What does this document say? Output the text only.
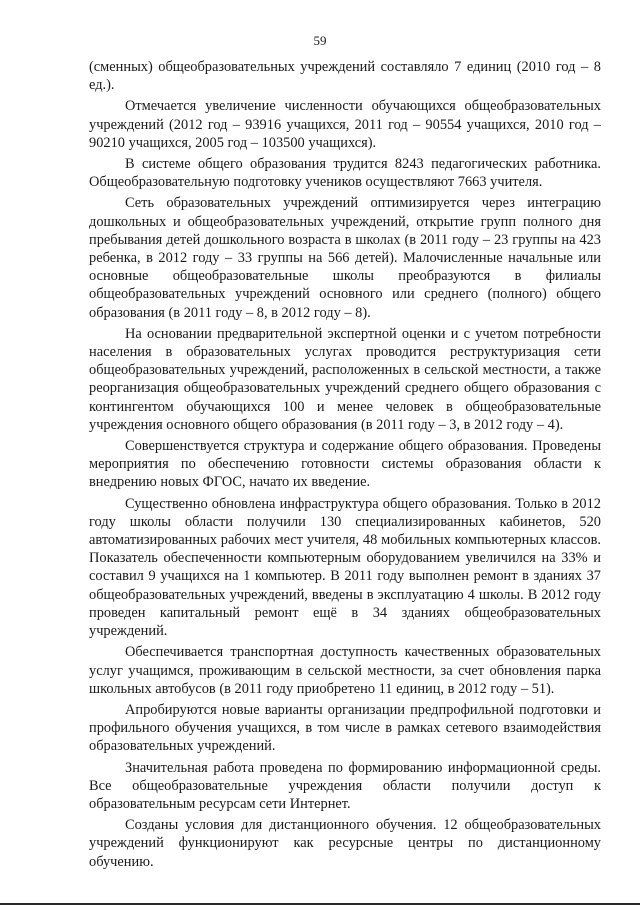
59

(сменных) общеобразовательных учреждений составляло 7 единиц (2010 год – 8 ед.).

Отмечается увеличение численности обучающихся общеобразовательных учреждений (2012 год – 93916 учащихся, 2011 год – 90554 учащихся, 2010 год – 90210 учащихся, 2005 год – 103500 учащихся).

В системе общего образования трудится 8243 педагогических работника. Общеобразовательную подготовку учеников осуществляют 7663 учителя.

Сеть образовательных учреждений оптимизируется через интеграцию дошкольных и общеобразовательных учреждений, открытие групп полного дня пребывания детей дошкольного возраста в школах (в 2011 году – 23 группы на 423 ребенка, в 2012 году – 33 группы на 566 детей). Малочисленные начальные или основные общеобразовательные школы преобразуются в филиалы общеобразовательных учреждений основного или среднего (полного) общего образования (в 2011 году – 8, в 2012 году – 8).

На основании предварительной экспертной оценки и с учетом потребности населения в образовательных услугах проводится реструктуризация сети общеобразовательных учреждений, расположенных в сельской местности, а также реорганизация общеобразовательных учреждений среднего общего образования с контингентом обучающихся 100 и менее человек в общеобразовательные учреждения основного общего образования (в 2011 году – 3, в 2012 году – 4).

Совершенствуется структура и содержание общего образования. Проведены мероприятия по обеспечению готовности системы образования области к внедрению новых ФГОС, начато их введение.

Существенно обновлена инфраструктура общего образования. Только в 2012 году школы области получили 130 специализированных кабинетов, 520 автоматизированных рабочих мест учителя, 48 мобильных компьютерных классов. Показатель обеспеченности компьютерным оборудованием увеличился на 33% и составил 9 учащихся на 1 компьютер. В 2011 году выполнен ремонт в зданиях 37 общеобразовательных учреждений, введены в эксплуатацию 4 школы. В 2012 году проведен капитальный ремонт ещё в 34 зданиях общеобразовательных учреждений.

Обеспечивается транспортная доступность качественных образовательных услуг учащимся, проживающим в сельской местности, за счет обновления парка школьных автобусов (в 2011 году приобретено 11 единиц, в 2012 году – 51).

Апробируются новые варианты организации предпрофильной подготовки и профильного обучения учащихся, в том числе в рамках сетевого взаимодействия образовательных учреждений.

Значительная работа проведена по формированию информационной среды. Все общеобразовательные учреждения области получили доступ к образовательным ресурсам сети Интернет.

Созданы условия для дистанционного обучения. 12 общеобразовательных учреждений функционируют как ресурсные центры по дистанционному обучению.
